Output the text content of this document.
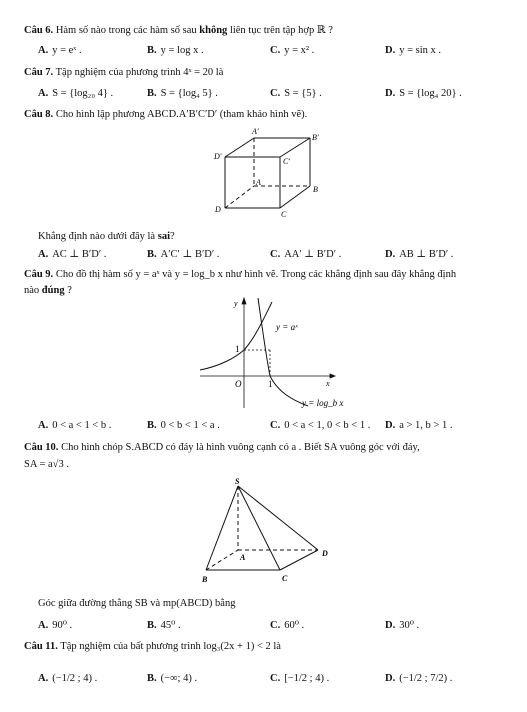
Câu 6. Hàm số nào trong các hàm số sau không liên tục trên tập hợp ℝ ?
A. y = eˣ .	B. y = log x .	C. y = x² .	D. y = sin x .
Câu 7. Tập nghiệm của phương trình 4ˣ = 20 là
A. S = {log₂₀ 4} .	B. S = {log₄ 5} .	C. S = {5} .	D. S = {log₄ 20} .
Câu 8. Cho hình lập phương ABCD.A′B′C′D′ (tham khảo hình vẽ).
A'
B'
C'
D'
A
B
C
D
Khẳng định nào dưới đây là sai?
A. AC ⊥ B′D′ .	B. A′C′ ⊥ B′D′ .	C. AA′ ⊥ B′D′ .	D. AB ⊥ B′D′ .
Câu 9. Cho đồ thị hàm số y = aˣ và y = log_b x như hình vẽ. Trong các khẳng định sau đây khẳng định
nào đúng ?
y
x
O
1
1
y = aˣ
y = log_b x
A. 0 < a < 1 < b .	B. 0 < b < 1 < a .	C. 0 < a < 1, 0 < b < 1 . D. a > 1, b > 1 .
Câu 10. Cho hình chóp S.ABCD có đáy là hình vuông cạnh có a . Biết SA vuông góc với đáy,
SA = a√3 .
S
A
B	C
D
Góc giữa đường thẳng SB và mp(ABCD) bằng
A. 90⁰ .	B. 45⁰ .	C. 60⁰ .	D. 30⁰ .
Câu 11. Tập nghiệm của bất phương trình log₃(2x + 1) < 2 là
A. (−1/2 ; 4) .	B. (−∞; 4) .	C. [−1/2 ; 4) .	D. (−1/2 ; 7/2) .
